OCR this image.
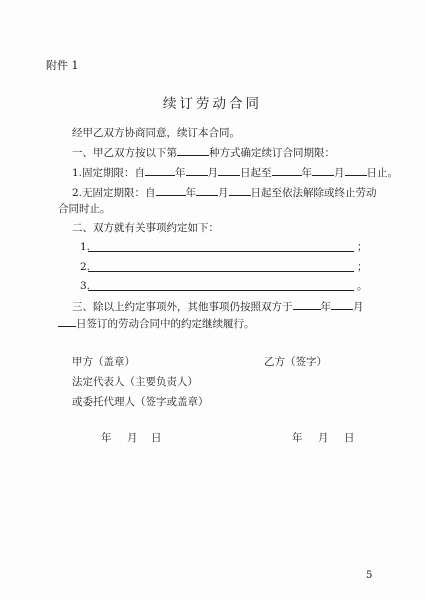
附件 1
续订劳动合同
经甲乙双方协商同意，续订本合同。
一、甲乙双方按以下第	种方式确定续订合同期限：
1.固定期限：自	年 月 日起至	年 月 日止。
2.无固定期限：自	年 月 日起至依法解除或终止劳动
合同时止。
二、双方就有关事项约定如下：
1.	；
2.	；
3.	。
三、除以上约定事项外，其他事项仍按照双方于	年 月
日签订的劳动合同中的约定继续履行。
甲方（盖章）	乙方（签字）
法定代表人（主要负责人）
或委托代理人（签字或盖章）
年 月 日	年 月 日
5
